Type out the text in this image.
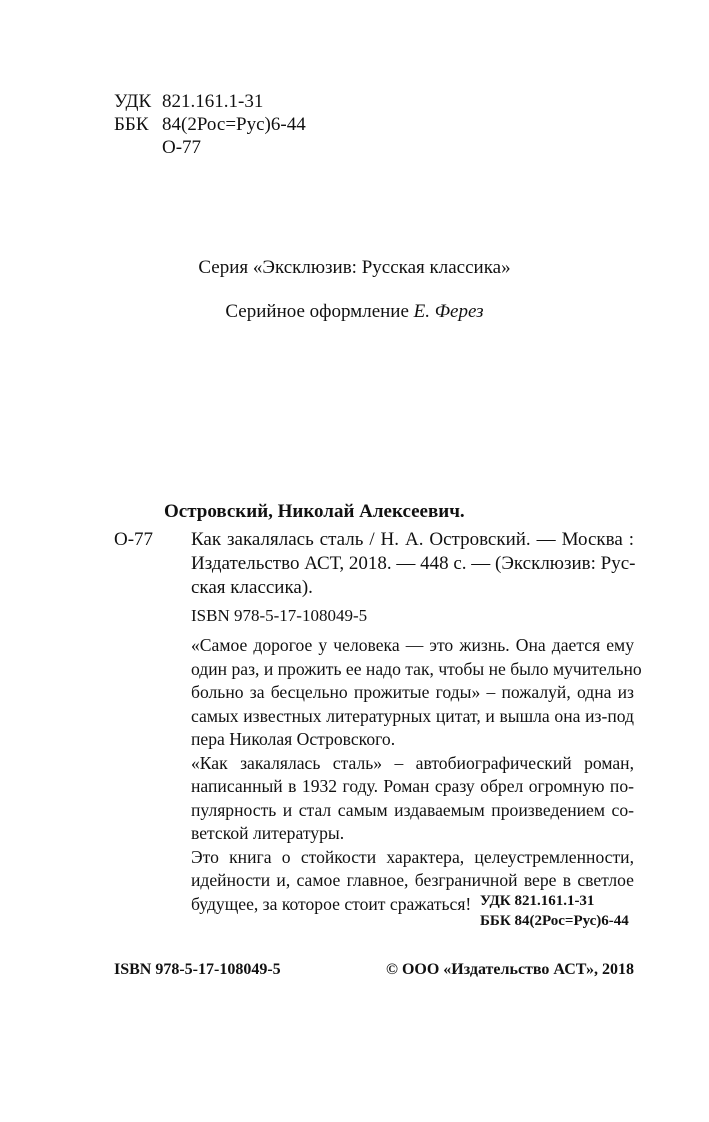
УДК 821.161.1-31
ББК 84(2Рос=Рус)6-44
О-77
Серия «Эксклюзив: Русская классика»
Серийное оформление Е. Ферез
Островский, Николай Алексеевич.
О-77 Как закалялась сталь / Н. А. Островский. — Москва :
Издательство АСТ, 2018. — 448 с. — (Эксклюзив: Рус-
ская классика).
ISBN 978-5-17-108049-5

«Самое дорогое у человека — это жизнь. Она дается ему
один раз, и прожить ее надо так, чтобы не было мучительно
больно за бесцельно прожитые годы» – пожалуй, одна из
самых известных литературных цитат, и вышла она из-под
пера Николая Островского.

«Как закалялась сталь» – автобиографический роман,
написанный в 1932 году. Роман сразу обрел огромную по-
пулярность и стал самым издаваемым произведением со-
ветской литературы.

Это книга о стойкости характера, целеустремленности,
идейности и, самое главное, безграничной вере в светлое
будущее, за которое стоит сражаться! УДК 821.161.1-31
ББК 84(2Рос=Рус)6-44
ISBN 978-5-17-108049-5	© ООО «Издательство АСТ», 2018
